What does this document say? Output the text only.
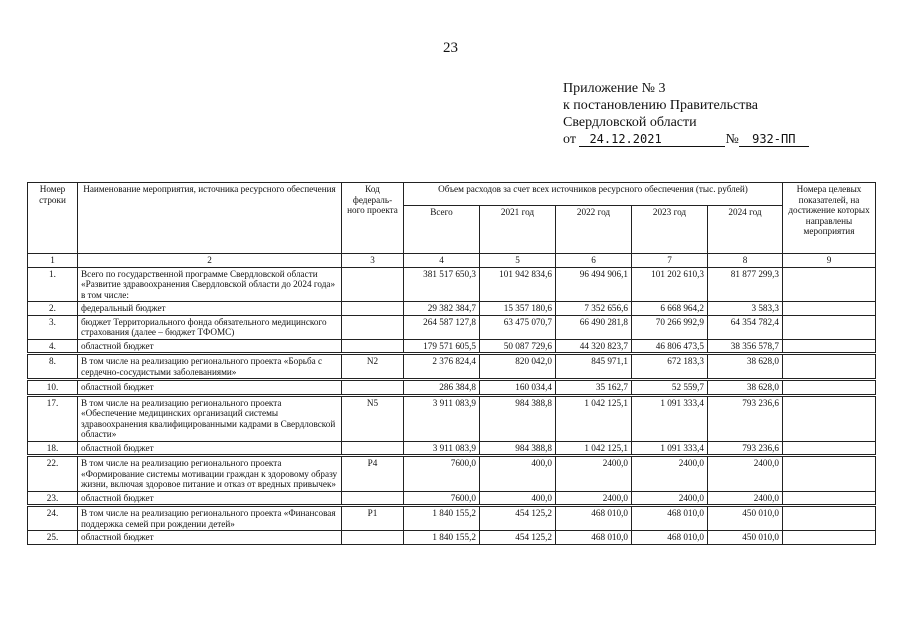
23
Приложение № 3
к постановлению Правительства
Свердловской области
от 24.12.2021	№ 932-ПП
Номер строки	Наименование мероприятия, источника ресурсного обеспечения	Код федераль-ного проекта	Объем расходов за счет всех источников ресурсного обеспечения (тыс. рублей)					Номера целевых показателей, на достижение которых направлены мероприятия
			Всего	2021 год	2022 год	2023 год	2024 год	
1	2	3	4	5	6	7	8	9
1.	Всего по государственной программе Свердловской области «Развитие здравоохранения Свердловской области до 2024 года» в том числе:		381 517 650,3	101 942 834,6	96 494 906,1	101 202 610,3	81 877 299,3	
2.	федеральный бюджет		29 382 384,7	15 357 180,6	7 352 656,6	6 668 964,2	3 583,3	
3.	бюджет Территориального фонда обязательного медицинского страхования (далее – бюджет ТФОМС)		264 587 127,8	63 475 070,7	66 490 281,8	70 266 992,9	64 354 782,4	
4.	областной бюджет		179 571 605,5	50 087 729,6	44 320 823,7	46 806 473,5	38 356 578,7	

8.	В том числе на реализацию регионального проекта «Борьба с сердечно-сосудистыми заболеваниями»	N2	2 376 824,4	820 042,0	845 971,1	672 183,3	38 628,0	

10.	областной бюджет		286 384,8	160 034,4	35 162,7	52 559,7	38 628,0	

17.	В том числе на реализацию регионального проекта «Обеспечение медицинских организаций системы здравоохранения квалифицированными кадрами в Свердловской области»	N5	3 911 083,9	984 388,8	1 042 125,1	1 091 333,4	793 236,6	
18.	областной бюджет		3 911 083,9	984 388,8	1 042 125,1	1 091 333,4	793 236,6	

22.	В том числе на реализацию регионального проекта «Формирование системы мотивации граждан к здоровому образу жизни, включая здоровое питание и отказ от вредных привычек»	P4	7600,0	400,0	2400,0	2400,0	2400,0	
23.	областной бюджет		7600,0	400,0	2400,0	2400,0	2400,0	

24.	В том числе на реализацию регионального проекта «Финансовая поддержка семей при рождении детей»	P1	1 840 155,2	454 125,2	468 010,0	468 010,0	450 010,0	
25.	областной бюджет		1 840 155,2	454 125,2	468 010,0	468 010,0	450 010,0	
